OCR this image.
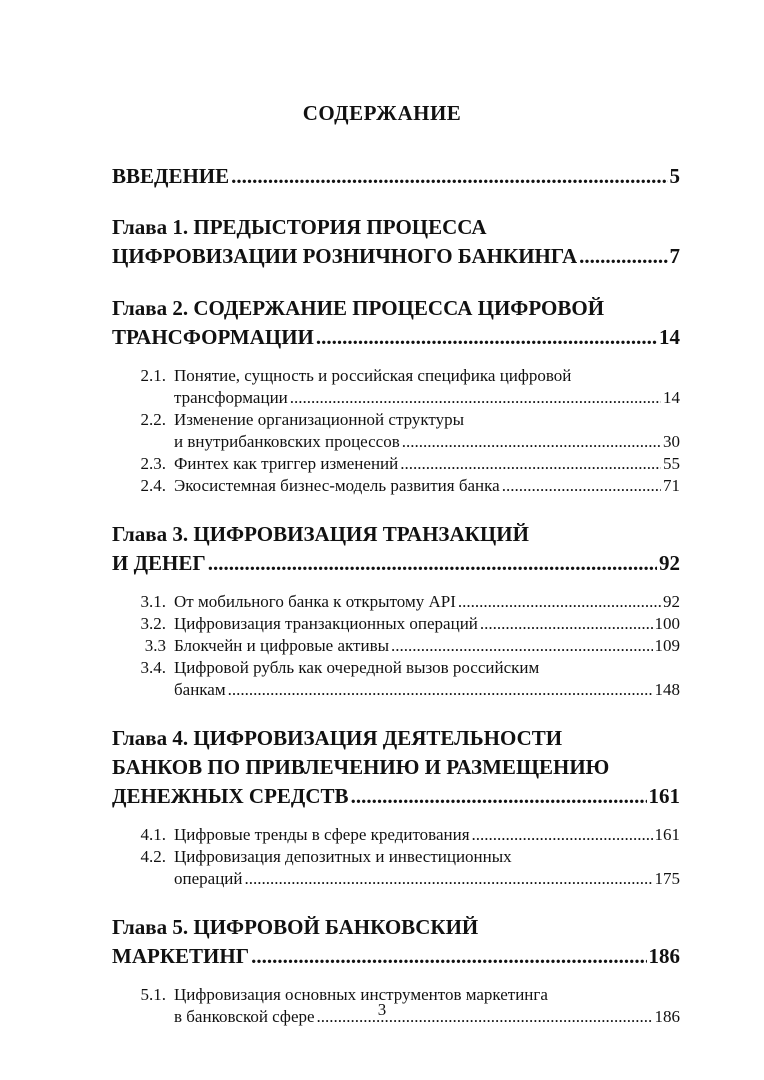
СОДЕРЖАНИЕ
ВВЕДЕНИЕ .....	5
Глава 1. ПРЕДЫСТОРИЯ ПРОЦЕССА
ЦИФРОВИЗАЦИИ РОЗНИЧНОГО БАНКИНГА .....	7
Глава 2. СОДЕРЖАНИЕ ПРОЦЕССА ЦИФРОВОЙ
ТРАНСФОРМАЦИИ .....	14
2.1. Понятие, сущность и российская специфика цифровой
трансформации .....	14
2.2. Изменение организационной структуры
и внутрибанковских процессов .....	30
2.3. Финтех как триггер изменений .....	55
2.4. Экосистемная бизнес-модель развития банка .....	71
Глава 3. ЦИФРОВИЗАЦИЯ ТРАНЗАКЦИЙ
И ДЕНЕГ .....	92
3.1. От мобильного банка к открытому API .....	92
3.2. Цифровизация транзакционных операций .....	100
3.3 Блокчейн и цифровые активы .....	109
3.4. Цифровой рубль как очередной вызов российским
банкам .....	148
Глава 4. ЦИФРОВИЗАЦИЯ ДЕЯТЕЛЬНОСТИ
БАНКОВ ПО ПРИВЛЕЧЕНИЮ И РАЗМЕЩЕНИЮ
ДЕНЕЖНЫХ СРЕДСТВ .....	161
4.1. Цифровые тренды в сфере кредитования .....	161
4.2. Цифровизация депозитных и инвестиционных
операций .....	175
Глава 5. ЦИФРОВОЙ БАНКОВСКИЙ
МАРКЕТИНГ .....	186
5.1. Цифровизация основных инструментов маркетинга
в банковской сфере .....	186
3
